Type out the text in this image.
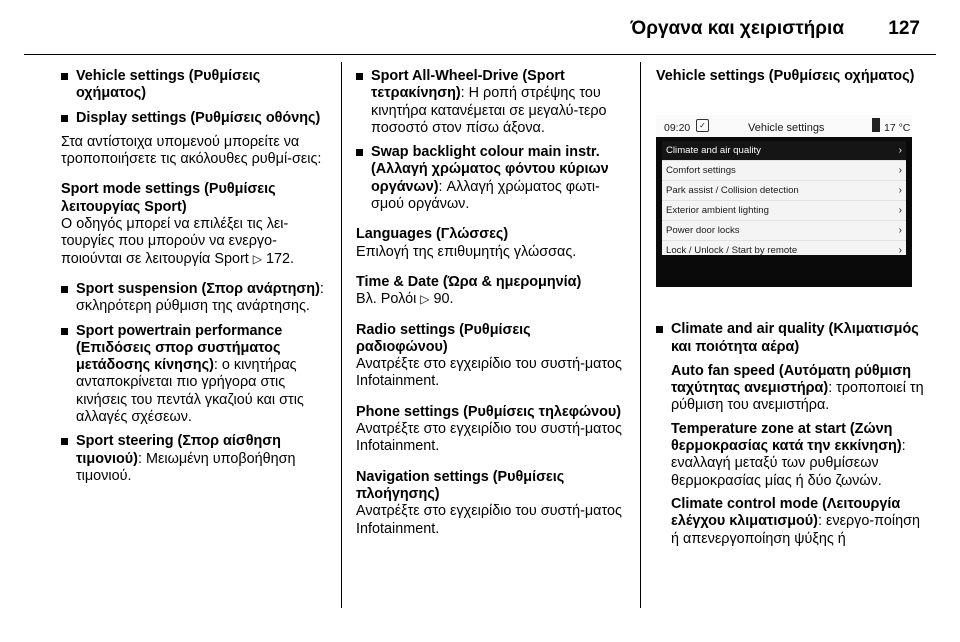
Όργανα και χειριστήρια 127
Vehicle settings (Ρυθμίσεις οχήματος)
Display settings (Ρυθμίσεις οθόνης)
Στα αντίστοιχα υπομενού μπορείτε να τροποποιήσετε τις ακόλουθες ρυθμί-σεις:
Sport mode settings (Ρυθμίσεις λειτουργίας Sport)
Ο οδηγός μπορεί να επιλέξει τις λει-τουργίες που μπορούν να ενεργο-ποιούνται σε λειτουργία Sport ▷ 172.
Sport suspension (Σπορ ανάρτηση): σκληρότερη ρύθμιση της ανάρτησης.
Sport powertrain performance (Επιδόσεις σπορ συστήματος μετάδοσης κίνησης): ο κινητήρας ανταποκρίνεται πιο γρήγορα στις κινήσεις του πεντάλ γκαζιού και στις αλλαγές σχέσεων.
Sport steering (Σπορ αίσθηση τιμονιού): Μειωμένη υποβοήθηση τιμονιού.
Sport All-Wheel-Drive (Sport τετρακίνηση): Η ροπή στρέψης του κινητήρα κατανέμεται σε μεγαλύ-τερο ποσοστό στον πίσω άξονα.
Swap backlight colour main instr. (Αλλαγή χρώματος φόντου κύριων οργάνων): Αλλαγή χρώματος φωτι-σμού οργάνων.
Languages (Γλώσσες)
Επιλογή της επιθυμητής γλώσσας.
Time & Date (Ώρα & ημερομηνία)
Βλ. Ρολόι ▷ 90.
Radio settings (Ρυθμίσεις ραδιοφώνου)
Ανατρέξτε στο εγχειρίδιο του συστή-ματος Infotainment.
Phone settings (Ρυθμίσεις τηλεφώνου)
Ανατρέξτε στο εγχειρίδιο του συστή-ματος Infotainment.
Navigation settings (Ρυθμίσεις πλοήγησης)
Ανατρέξτε στο εγχειρίδιο του συστή-ματος Infotainment.
Vehicle settings (Ρυθμίσεις οχήματος)
09:20	✓	Vehicle settings	17 °C
Climate and air quality	›
Comfort settings	›
Park assist / Collision detection	›
Exterior ambient lighting	›
Power door locks	›
Lock / Unlock / Start by remote	›
Climate and air quality (Κλιματισμός και ποιότητα αέρα)
Auto fan speed (Αυτόματη ρύθμιση ταχύτητας ανεμιστήρα): τροποποιεί τη ρύθμιση του ανεμιστήρα.
Temperature zone at start (Ζώνη θερμοκρασίας κατά την εκκίνηση): εναλλαγή μεταξύ των ρυθμίσεων θερμοκρασίας μίας ή δύο ζωνών.
Climate control mode (Λειτουργία ελέγχου κλιματισμού): ενεργο-ποίηση ή απενεργοποίηση ψύξης ή
